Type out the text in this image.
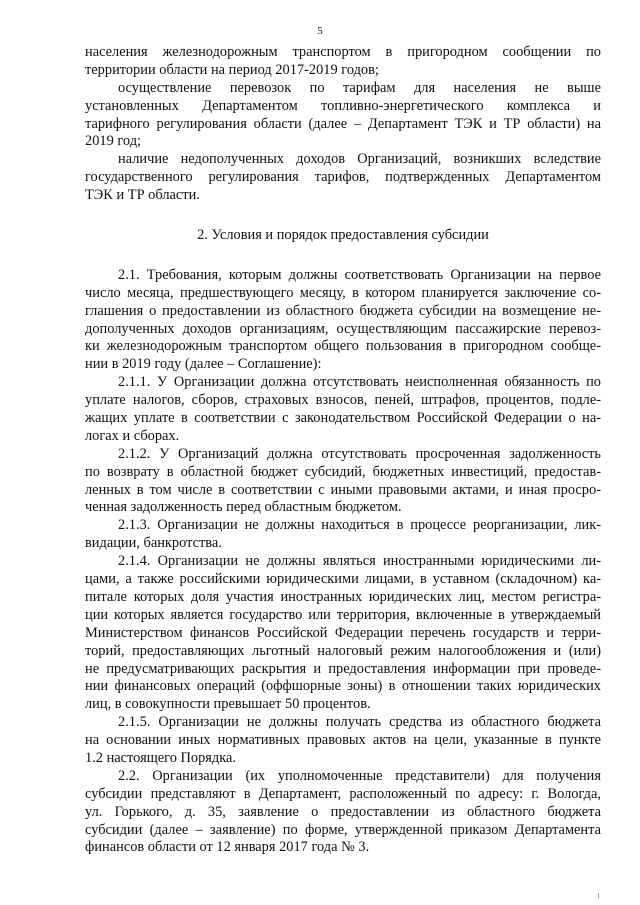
5
населения железнодорожным транспортом в пригородном сообщении по
территории области на период 2017-2019 годов;
осуществление перевозок по тарифам для населения не выше
установленных Департаментом топливно-энергетического комплекса и
тарифного регулирования области (далее – Департамент ТЭК и ТР области) на
2019 год;
наличие недополученных доходов Организаций, возникших вследствие
государственного регулирования тарифов, подтвержденных Департаментом
ТЭК и ТР области.
2. Условия и порядок предоставления субсидии
2.1. Требования, которым должны соответствовать Организации на первое
число месяца, предшествующего месяцу, в котором планируется заключение со-
глашения о предоставлении из областного бюджета субсидии на возмещение не-
дополученных доходов организациям, осуществляющим пассажирские перевоз-
ки железнодорожным транспортом общего пользования в пригородном сообще-
нии в 2019 году (далее – Соглашение):
2.1.1. У Организации должна отсутствовать неисполненная обязанность по
уплате налогов, сборов, страховых взносов, пеней, штрафов, процентов, подле-
жащих уплате в соответствии с законодательством Российской Федерации о на-
логах и сборах.
2.1.2. У Организаций должна отсутствовать просроченная задолженность
по возврату в областной бюджет субсидий, бюджетных инвестиций, предостав-
ленных в том числе в соответствии с иными правовыми актами, и иная просро-
ченная задолженность перед областным бюджетом.
2.1.3. Организации не должны находиться в процессе реорганизации, лик-
видации, банкротства.
2.1.4. Организации не должны являться иностранными юридическими ли-
цами, а также российскими юридическими лицами, в уставном (складочном) ка-
питале которых доля участия иностранных юридических лиц, местом регистра-
ции которых является государство или территория, включенные в утверждаемый
Министерством финансов Российской Федерации перечень государств и терри-
торий, предоставляющих льготный налоговый режим налогообложения и (или)
не предусматривающих раскрытия и предоставления информации при проведе-
нии финансовых операций (оффшорные зоны) в отношении таких юридических
лиц, в совокупности превышает 50 процентов.
2.1.5. Организации не должны получать средства из областного бюджета
на основании иных нормативных правовых актов на цели, указанные в пункте
1.2 настоящего Порядка.
2.2. Организации (их уполномоченные представители) для получения
субсидии представляют в Департамент, расположенный по адресу: г. Вологда,
ул. Горького, д. 35, заявление о предоставлении из областного бюджета
субсидии (далее – заявление) по форме, утвержденной приказом Департамента
финансов области от 12 января 2017 года № 3.
